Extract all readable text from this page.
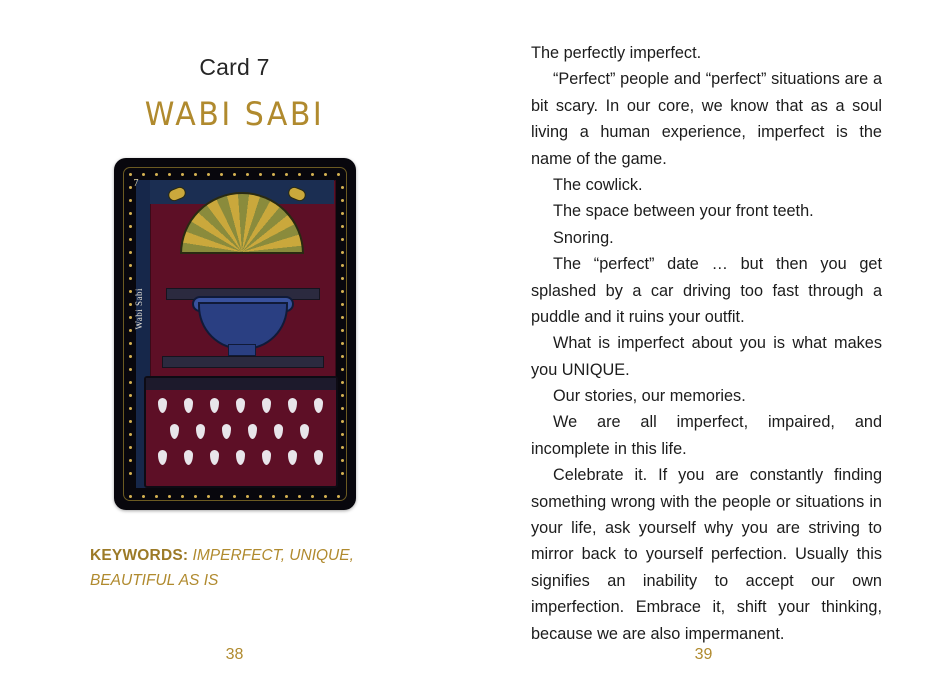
Card 7
WABI SABI
Wabi Sabi
7
KEYWORDS: IMPERFECT, UNIQUE, BEAUTIFUL AS IS
38

The perfectly imperfect.

“Perfect” people and “perfect” situations are a bit scary. In our core, we know that as a soul living a human experience, imperfect is the name of the game.

The cowlick.

The space between your front teeth.

Snoring.

The “perfect” date … but then you get splashed by a car driving too fast through a puddle and it ruins your outfit.

What is imperfect about you is what makes you UNIQUE.

Our stories, our memories.

We are all imperfect, impaired, and incomplete in this life.

Celebrate it. If you are constantly finding something wrong with the people or situations in your life, ask yourself why you are striving to mirror back to yourself perfection. Usually this signifies an inability to accept our own imperfection. Embrace it, shift your thinking, because we are also impermanent.

39
